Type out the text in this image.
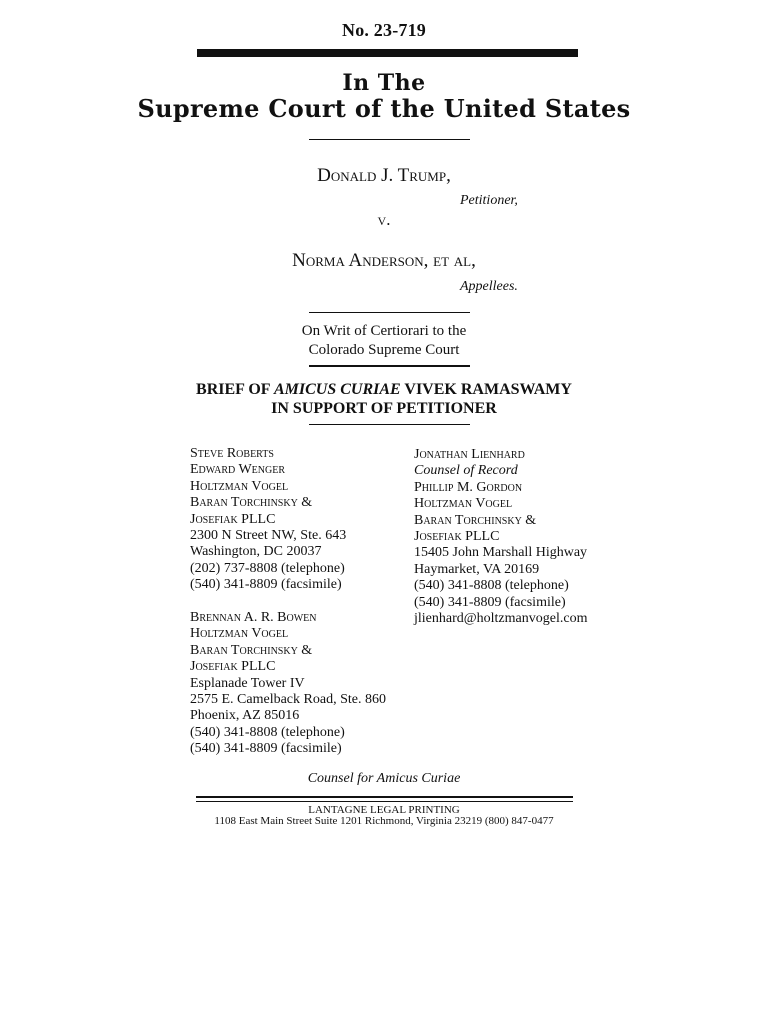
No. 23-719
In The
Supreme Court of the United States
Donald J. Trump,
Petitioner,
v.
Norma Anderson, et al,
Appellees.
On Writ of Certiorari to the
Colorado Supreme Court
BRIEF OF AMICUS CURIAE VIVEK RAMASWAMY
IN SUPPORT OF PETITIONER
Steve Roberts
Edward Wenger
Holtzman Vogel
Baran Torchinsky &
Josefiak PLLC
2300 N Street NW, Ste. 643
Washington, DC 20037
(202) 737-8808 (telephone)
(540) 341-8809 (facsimile)
Brennan A. R. Bowen
Holtzman Vogel
Baran Torchinsky &
Josefiak PLLC
Esplanade Tower IV
2575 E. Camelback Road, Ste. 860
Phoenix, AZ 85016
(540) 341-8808 (telephone)
(540) 341-8809 (facsimile)
Jonathan Lienhard
Counsel of Record
Phillip M. Gordon
Holtzman Vogel
Baran Torchinsky &
Josefiak PLLC
15405 John Marshall Highway
Haymarket, VA 20169
(540) 341-8808 (telephone)
(540) 341-8809 (facsimile)
jlienhard@holtzmanvogel.com
Counsel for Amicus Curiae
LANTAGNE LEGAL PRINTING
1108 East Main Street Suite 1201 Richmond, Virginia 23219 (800) 847-0477
